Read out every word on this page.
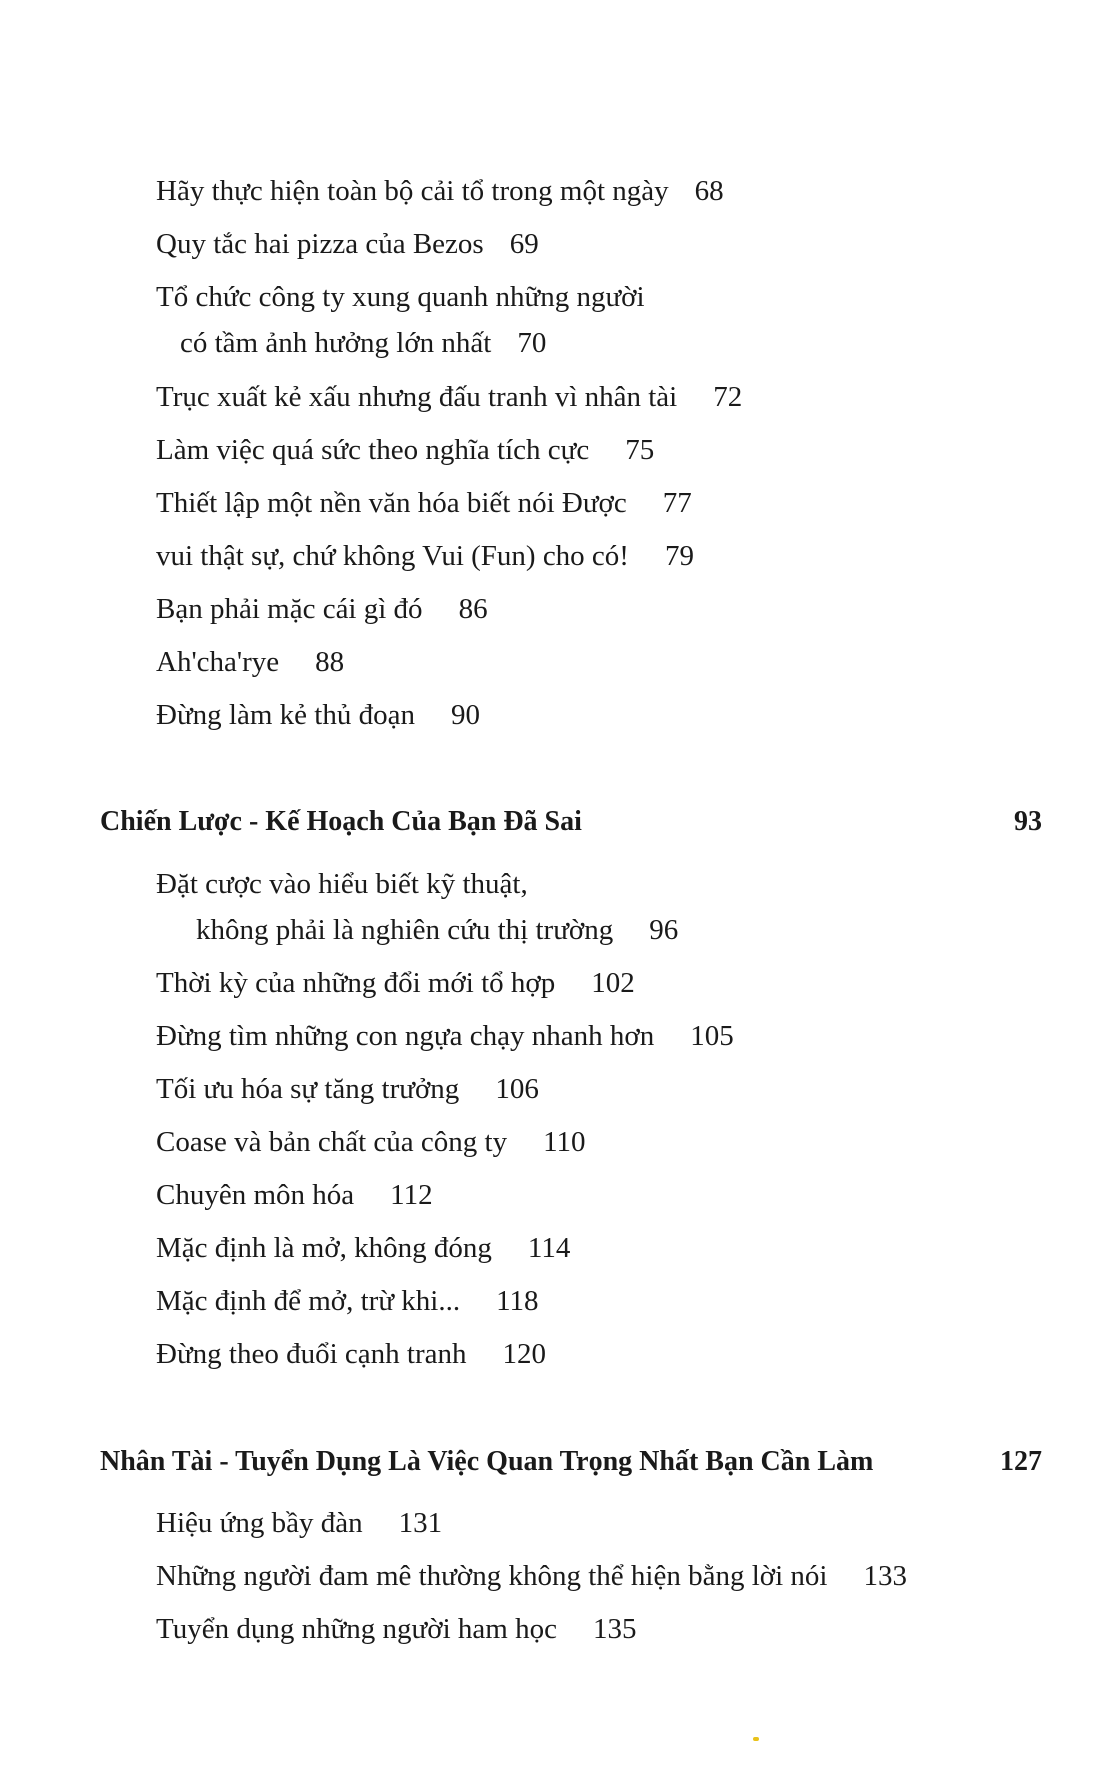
Hãy thực hiện toàn bộ cải tổ trong một ngày 68
Quy tắc hai pizza của Bezos 69
Tổ chức công ty xung quanh những người
có tầm ảnh hưởng lớn nhất 70
Trục xuất kẻ xấu nhưng đấu tranh vì nhân tài 72
Làm việc quá sức theo nghĩa tích cực 75
Thiết lập một nền văn hóa biết nói Được 77
vui thật sự, chứ không Vui (Fun) cho có! 79
Bạn phải mặc cái gì đó 86
Ah'cha'rye 88
Đừng làm kẻ thủ đoạn 90
Chiến Lược - Kế Hoạch Của Bạn Đã Sai	93
Đặt cược vào hiểu biết kỹ thuật,
không phải là nghiên cứu thị trường 96
Thời kỳ của những đổi mới tổ hợp 102
Đừng tìm những con ngựa chạy nhanh hơn 105
Tối ưu hóa sự tăng trưởng 106
Coase và bản chất của công ty 110
Chuyên môn hóa 112
Mặc định là mở, không đóng 114
Mặc định để mở, trừ khi... 118
Đừng theo đuổi cạnh tranh 120
Nhân Tài - Tuyển Dụng Là Việc Quan Trọng Nhất Bạn Cần Làm	127
Hiệu ứng bầy đàn 131
Những người đam mê thường không thể hiện bằng lời nói 133
Tuyển dụng những người ham học 135
